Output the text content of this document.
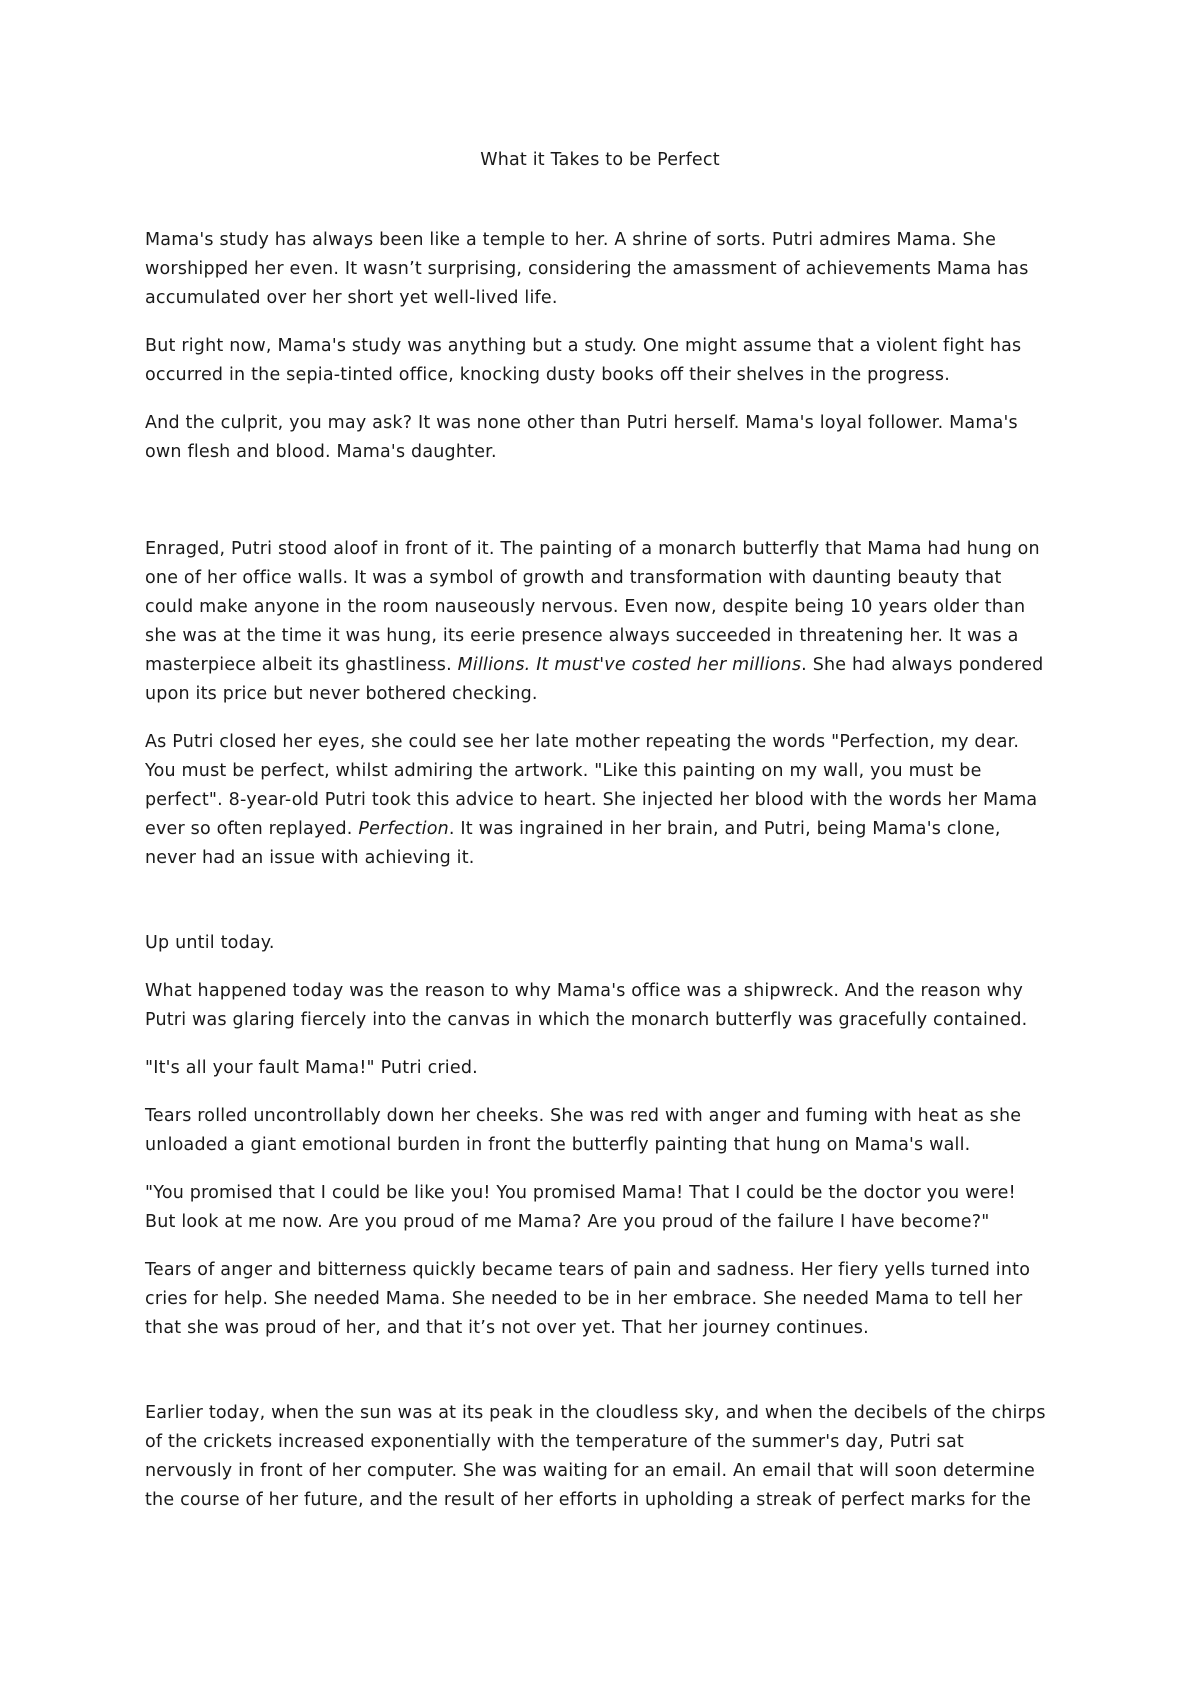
What it Takes to be Perfect
Mama's study has always been like a temple to her. A shrine of sorts. Putri admires Mama. She
worshipped her even. It wasn’t surprising, considering the amassment of achievements Mama has
accumulated over her short yet well-lived life.
But right now, Mama's study was anything but a study. One might assume that a violent fight has
occurred in the sepia-tinted office, knocking dusty books off their shelves in the progress.
And the culprit, you may ask? It was none other than Putri herself. Mama's loyal follower. Mama's
own flesh and blood. Mama's daughter.
Enraged, Putri stood aloof in front of it. The painting of a monarch butterfly that Mama had hung on
one of her office walls. It was a symbol of growth and transformation with daunting beauty that
could make anyone in the room nauseously nervous. Even now, despite being 10 years older than
she was at the time it was hung, its eerie presence always succeeded in threatening her. It was a
masterpiece albeit its ghastliness. Millions. It must've costed her millions. She had always pondered
upon its price but never bothered checking.
As Putri closed her eyes, she could see her late mother repeating the words "Perfection, my dear.
You must be perfect, whilst admiring the artwork. "Like this painting on my wall, you must be
perfect". 8-year-old Putri took this advice to heart. She injected her blood with the words her Mama
ever so often replayed. Perfection. It was ingrained in her brain, and Putri, being Mama's clone,
never had an issue with achieving it.
Up until today.
What happened today was the reason to why Mama's office was a shipwreck. And the reason why
Putri was glaring fiercely into the canvas in which the monarch butterfly was gracefully contained.
"It's all your fault Mama!" Putri cried.
Tears rolled uncontrollably down her cheeks. She was red with anger and fuming with heat as she
unloaded a giant emotional burden in front the butterfly painting that hung on Mama's wall.
"You promised that I could be like you! You promised Mama! That I could be the doctor you were!
But look at me now. Are you proud of me Mama? Are you proud of the failure I have become?"
Tears of anger and bitterness quickly became tears of pain and sadness. Her fiery yells turned into
cries for help. She needed Mama. She needed to be in her embrace. She needed Mama to tell her
that she was proud of her, and that it’s not over yet. That her journey continues.
Earlier today, when the sun was at its peak in the cloudless sky, and when the decibels of the chirps
of the crickets increased exponentially with the temperature of the summer's day, Putri sat
nervously in front of her computer. She was waiting for an email. An email that will soon determine
the course of her future, and the result of her efforts in upholding a streak of perfect marks for the
